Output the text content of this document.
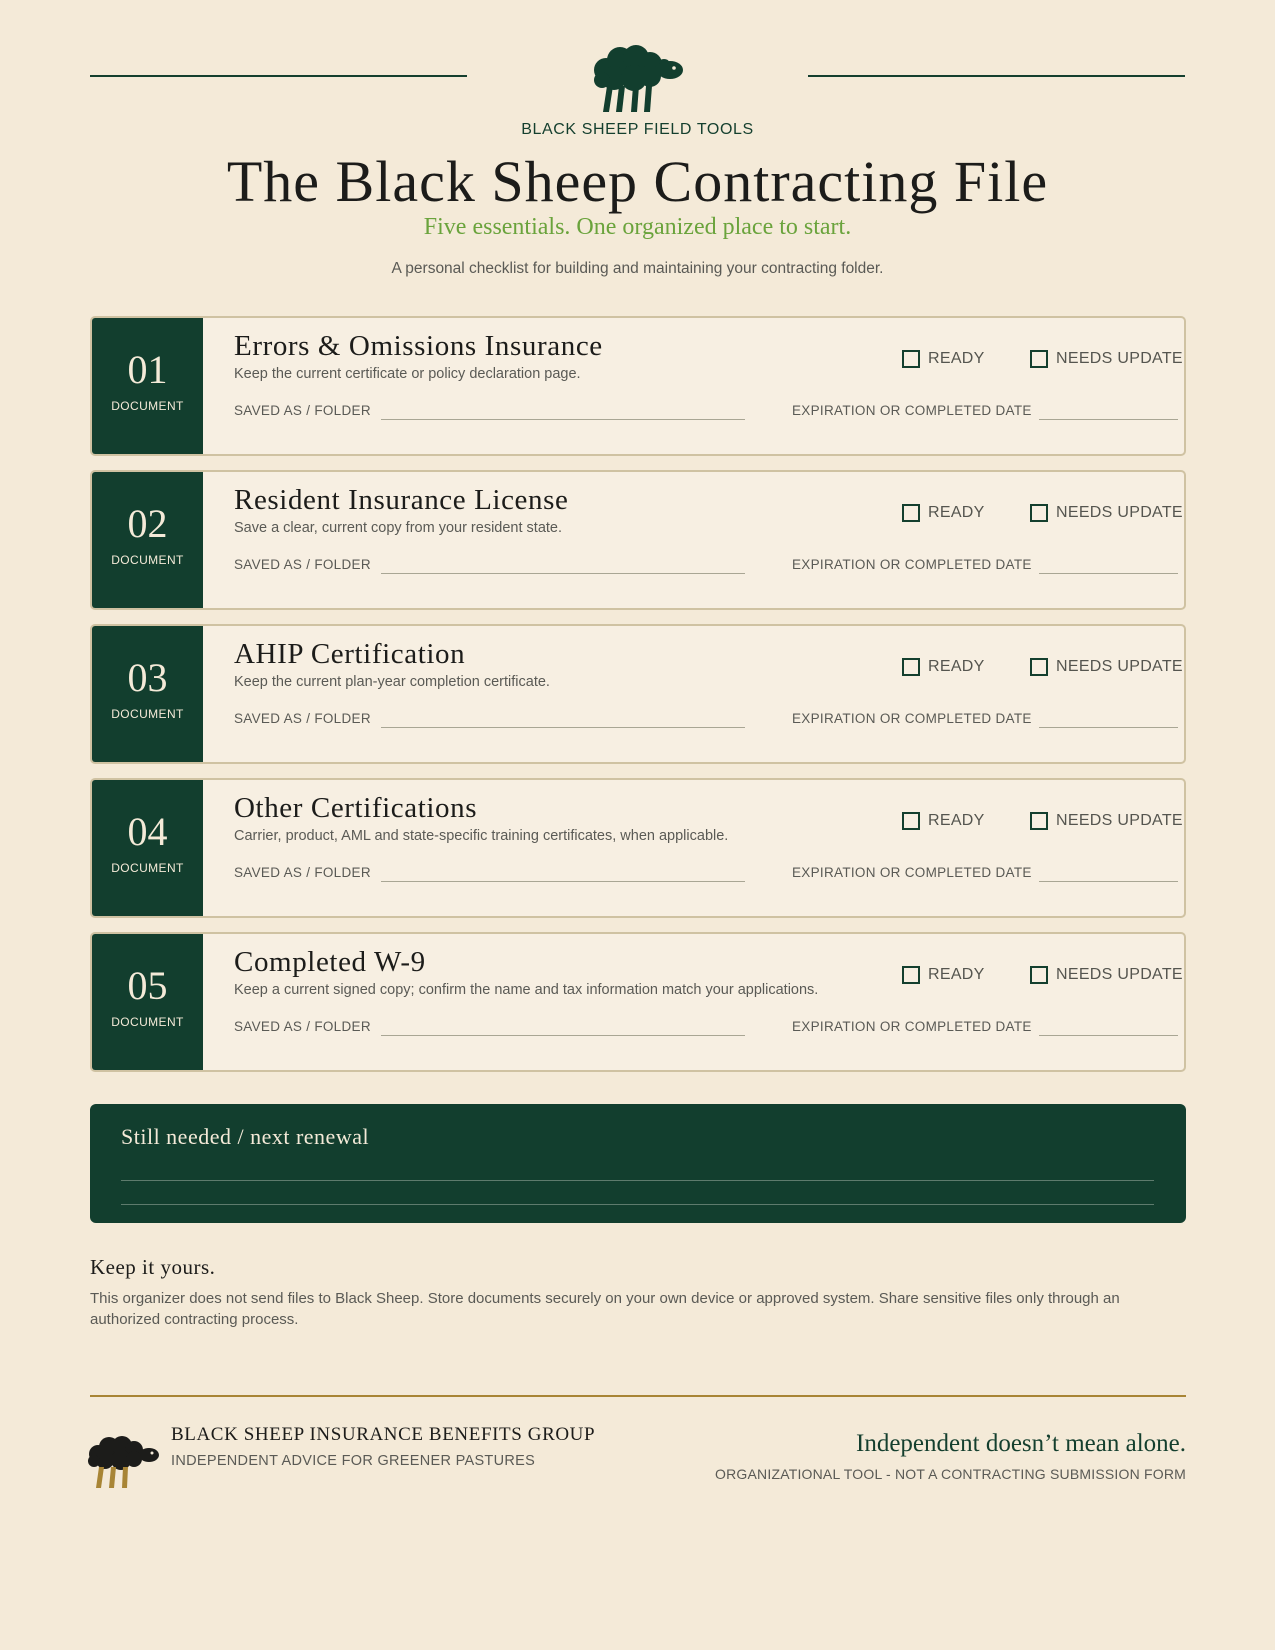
BLACK SHEEP FIELD TOOLS
The Black Sheep Contracting File
Five essentials. One organized place to start.
A personal checklist for building and maintaining your contracting folder.
01
DOCUMENT
Errors & Omissions Insurance
Keep the current certificate or policy declaration page.
READY	NEEDS UPDATE
SAVED AS / FOLDER	EXPIRATION OR COMPLETED DATE
02
DOCUMENT
Resident Insurance License
Save a clear, current copy from your resident state.
READY	NEEDS UPDATE
SAVED AS / FOLDER	EXPIRATION OR COMPLETED DATE
03
DOCUMENT
AHIP Certification
Keep the current plan-year completion certificate.
READY	NEEDS UPDATE
SAVED AS / FOLDER	EXPIRATION OR COMPLETED DATE
04
DOCUMENT
Other Certifications
Carrier, product, AML and state-specific training certificates, when applicable.
READY	NEEDS UPDATE
SAVED AS / FOLDER	EXPIRATION OR COMPLETED DATE
05
DOCUMENT
Completed W-9
Keep a current signed copy; confirm the name and tax information match your applications.
READY	NEEDS UPDATE
SAVED AS / FOLDER	EXPIRATION OR COMPLETED DATE
Still needed / next renewal
Keep it yours.
This organizer does not send files to Black Sheep. Store documents securely on your own device or approved system. Share sensitive files only through an authorized contracting process.
BLACK SHEEP INSURANCE BENEFITS GROUP
INDEPENDENT ADVICE FOR GREENER PASTURES
Independent doesn’t mean alone.
ORGANIZATIONAL TOOL - NOT A CONTRACTING SUBMISSION FORM
